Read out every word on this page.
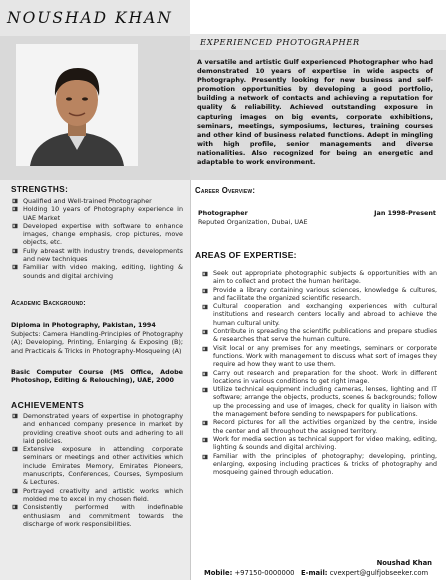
NOUSHAD KHAN
EXPERIENCED PHOTOGRAPHER

A versatile and artistic Gulf experienced Photographer who had demonstrated 10 years of expertise in wide aspects of Photography. Presently looking for new business and self-promotion opportunities by developing a good portfolio, building a network of contacts and achieving a reputation for quality & reliability. Achieved outstanding exposure in capturing images on big events, corporate exhibitions, seminars, meetings, symposiums, lectures, training courses and other kind of business related functions. Adept in mingling with high profile, senior managements and diverse nationalities. Also recognized for being an energetic and adaptable to work environment.

STRENGTHS:
Qualified and Well-trained Photographer
Holding 10 years of Photography experience in UAE Market
Developed expertise with software to enhance images, change emphasis, crop pictures, move objects, etc.
Fully abreast with industry trends, developments and new techniques
Familiar with video making, editing, lighting & sounds and digital archiving
Academic Background:

Diploma in Photography, Pakistan, 1994

Subjects: Camera Handling-Principles of Photography (A); Developing, Printing, Enlarging & Exposing (B); and Practicals & Tricks in Photography-Mosqueing (A)

Basic Computer Course (MS Office, Adobe Photoshop, Editing & Relouching), UAE, 2000

ACHIEVEMENTS
Demonstrated years of expertise in photography and enhanced company presence in market by providing creative shoot outs and adhering to all laid policies.
Extensive exposure in attending corporate seminars or meetings and other activities which include Emirates Memory, Emirates Pioneers, manuscripts, Conferences, Courses, Symposium & Lectures.
Portrayed creativity and artistic works which molded me to excel in my chosen field.
Consistently performed with indefinable enthusiasm and commitment towards the discharge of work responsibilities.
Career Overview:

Photographer	Jan 1998-Present

Reputed Organization, Dubai, UAE

AREAS OF EXPERTISE:
Seek out appropriate photographic subjects & opportunities with an aim to collect and protect the human heritage.
Provide a library containing various sciences, knowledge & cultures, and facilitate the organized scientific research.
Cultural cooperation and exchanging experiences with cultural institutions and research centers locally and abroad to achieve the human cultural unity.
Contribute in spreading the scientific publications and prepare studies & researches that serve the human culture.
Visit local or any premises for any meetings, seminars or corporate functions. Work with management to discuss what sort of images they require ad how they want to use them.
Carry out research and preparation for the shoot. Work in different locations in various conditions to get right image.
Utilize technical equipment including cameras, lenses, lighting and IT software; arrange the objects, products, scenes & backgrounds; follow up the processing and use of images, check for quality in liaison with the management before sending to newspapers for publications.
Record pictures for all the activities organized by the centre, inside the center and all throughout the assigned territory.
Work for media section as technical support for video making, editing, lighting & sounds and digital archiving.
Familiar with the principles of photography; developing, printing, enlarging, exposing including practices & tricks of photography and mosqueing gained through education.
Noushad Khan
Mobile: +97150-0000000 E-mail: cvexpert@gulfjobseeker.com
